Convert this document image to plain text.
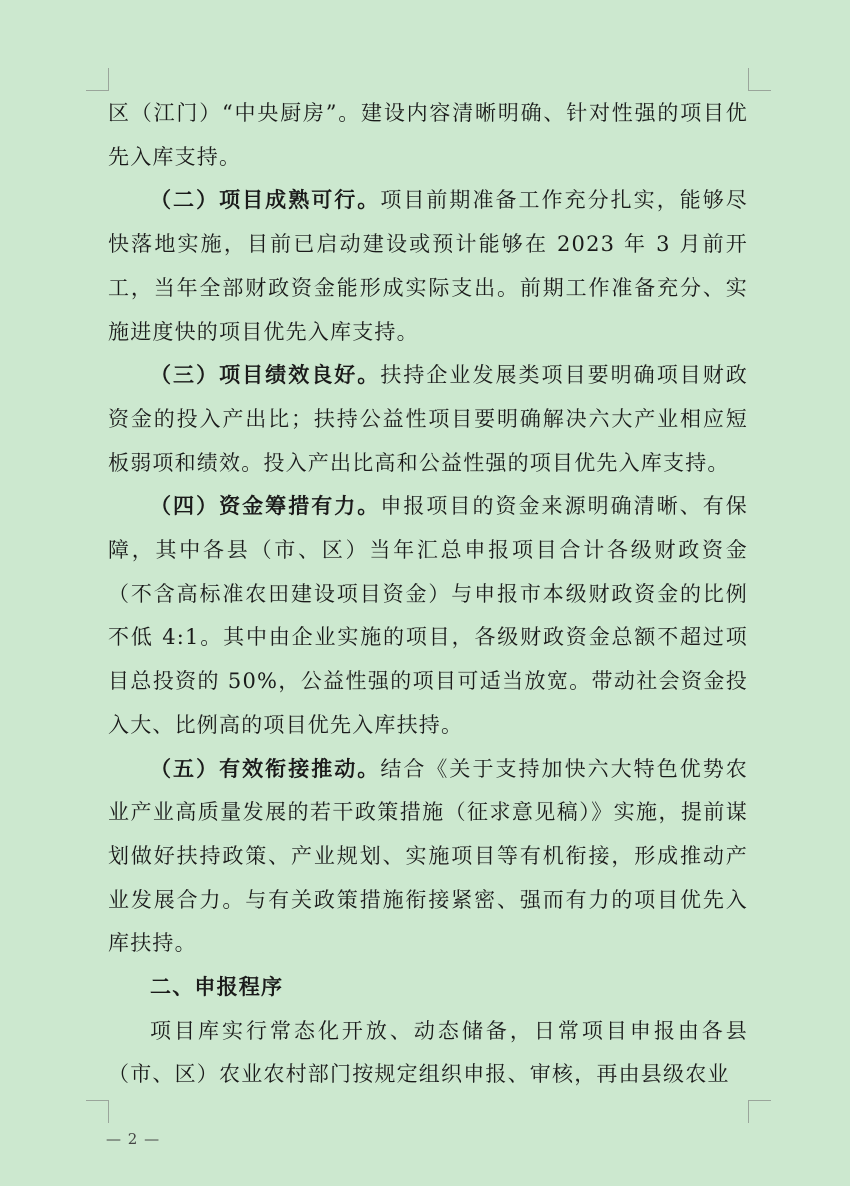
区（江门）“中央厨房”。建设内容清晰明确、针对性强的项目优先入库支持。

（二）项目成熟可行。项目前期准备工作充分扎实，能够尽快落地实施，目前已启动建设或预计能够在 2023 年 3 月前开工，当年全部财政资金能形成实际支出。前期工作准备充分、实施进度快的项目优先入库支持。

（三）项目绩效良好。扶持企业发展类项目要明确项目财政资金的投入产出比；扶持公益性项目要明确解决六大产业相应短板弱项和绩效。投入产出比高和公益性强的项目优先入库支持。

（四）资金筹措有力。申报项目的资金来源明确清晰、有保障，其中各县（市、区）当年汇总申报项目合计各级财政资金（不含高标准农田建设项目资金）与申报市本级财政资金的比例不低 4:1。其中由企业实施的项目，各级财政资金总额不超过项目总投资的 50%，公益性强的项目可适当放宽。带动社会资金投入大、比例高的项目优先入库扶持。

（五）有效衔接推动。结合《关于支持加快六大特色优势农业产业高质量发展的若干政策措施（征求意见稿）》实施，提前谋划做好扶持政策、产业规划、实施项目等有机衔接，形成推动产业发展合力。与有关政策措施衔接紧密、强而有力的项目优先入库扶持。

二、申报程序

项目库实行常态化开放、动态储备，日常项目申报由各县（市、区）农业农村部门按规定组织申报、审核，再由县级农业

— 2 —
